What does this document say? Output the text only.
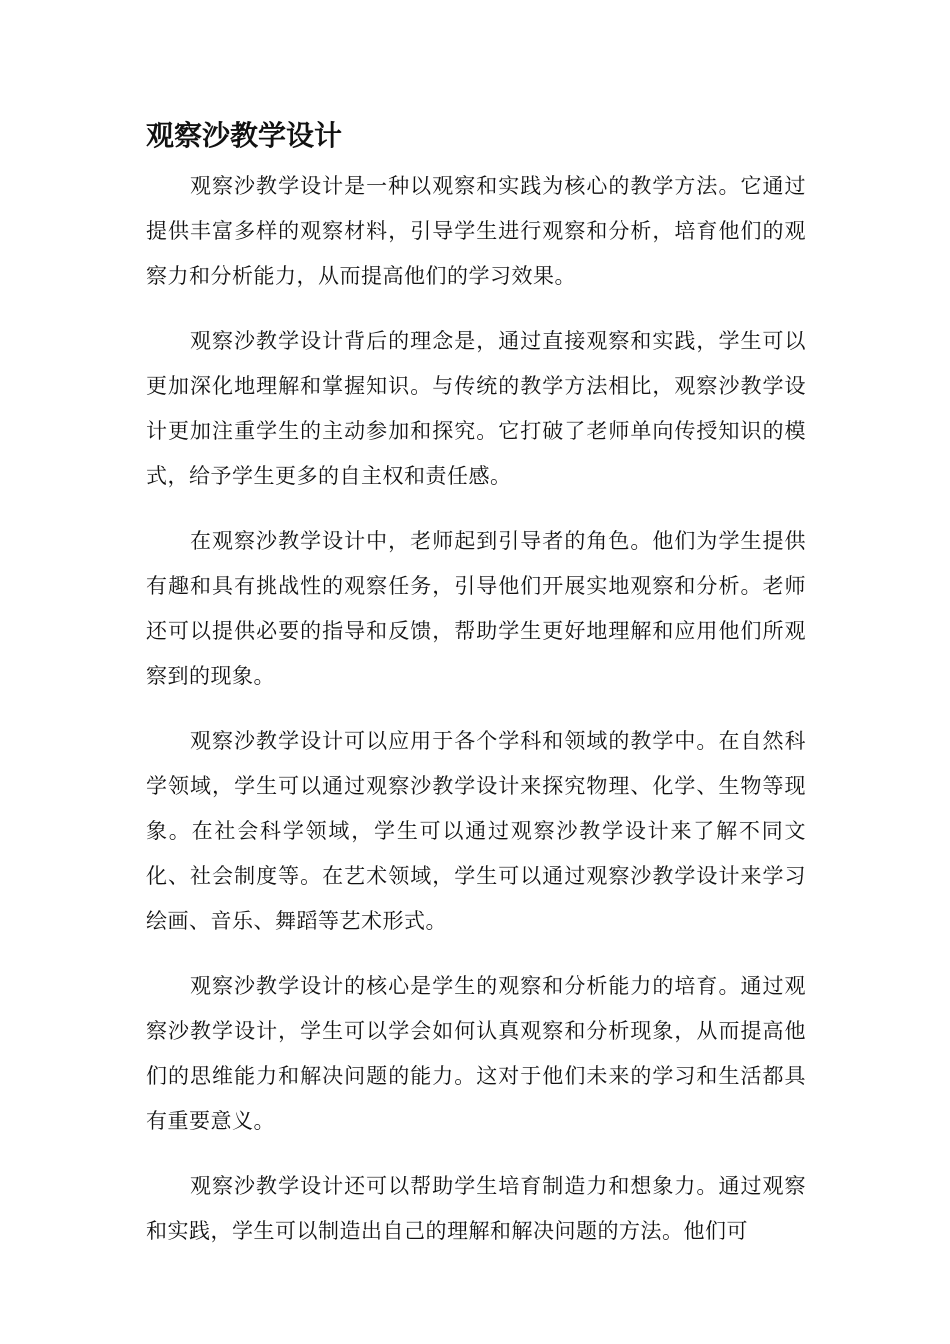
观察沙教学设计

观察沙教学设计是一种以观察和实践为核心的教学方法。它通过提供丰富多样的观察材料，引导学生进行观察和分析，培育他们的观察力和分析能力，从而提高他们的学习效果。

观察沙教学设计背后的理念是，通过直接观察和实践，学生可以更加深化地理解和掌握知识。与传统的教学方法相比，观察沙教学设计更加注重学生的主动参加和探究。它打破了老师单向传授知识的模式，给予学生更多的自主权和责任感。

在观察沙教学设计中，老师起到引导者的角色。他们为学生提供有趣和具有挑战性的观察任务，引导他们开展实地观察和分析。老师还可以提供必要的指导和反馈，帮助学生更好地理解和应用他们所观察到的现象。

观察沙教学设计可以应用于各个学科和领域的教学中。在自然科学领域，学生可以通过观察沙教学设计来探究物理、化学、生物等现象。在社会科学领域，学生可以通过观察沙教学设计来了解不同文化、社会制度等。在艺术领域，学生可以通过观察沙教学设计来学习绘画、音乐、舞蹈等艺术形式。

观察沙教学设计的核心是学生的观察和分析能力的培育。通过观察沙教学设计，学生可以学会如何认真观察和分析现象，从而提高他们的思维能力和解决问题的能力。这对于他们未来的学习和生活都具有重要意义。

观察沙教学设计还可以帮助学生培育制造力和想象力。通过观察和实践，学生可以制造出自己的理解和解决问题的方法。他们可
